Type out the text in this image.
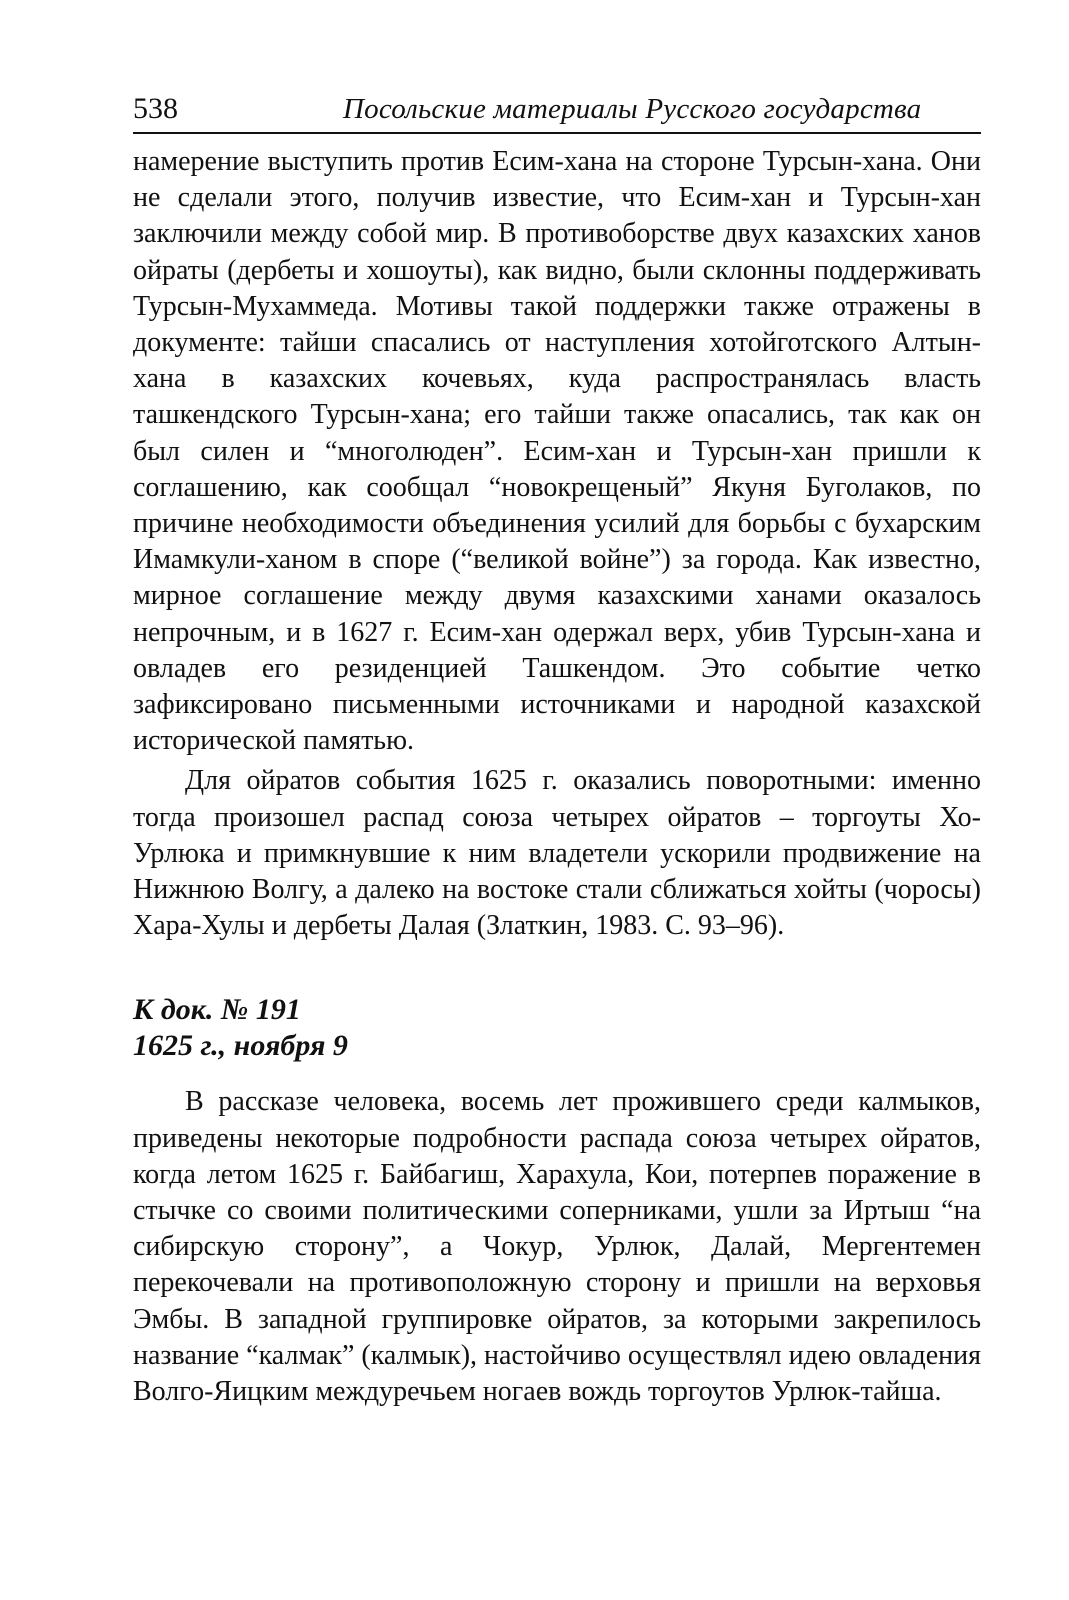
538	Посольские материалы Русского государства

намерение выступить против Есим-хана на стороне Турсын-хана. Они не сделали этого, получив известие, что Есим-хан и Турсын-хан заключили между собой мир. В противоборстве двух казахских ханов ойраты (дербеты и хошоуты), как видно, были склонны поддерживать Турсын-Мухаммеда. Мотивы такой поддержки также отражены в документе: тайши спасались от наступления хотойготского Алтын-хана в казахских кочевьях, куда распространялась власть ташкендского Турсын-хана; его тайши также опасались, так как он был силен и “многолюден”. Есим-хан и Турсын-хан пришли к соглашению, как сообщал “новокрещеный” Якуня Буголаков, по причине необходимости объединения усилий для борьбы с бухарским Имамкули-ханом в споре (“великой войне”) за города. Как известно, мирное соглашение между двумя казахскими ханами оказалось непрочным, и в 1627 г. Есим-хан одержал верх, убив Турсын-хана и овладев его резиденцией Ташкендом. Это событие четко зафиксировано письменными источниками и народной казахской исторической памятью.

Для ойратов события 1625 г. оказались поворотными: именно тогда произошел распад союза четырех ойратов – торгоуты Хо-Урлюка и примкнувшие к ним владетели ускорили продвижение на Нижнюю Волгу, а далеко на востоке стали сближаться хойты (чоросы) Хара-Хулы и дербеты Далая (Златкин, 1983. С. 93–96).

К док. № 191
1625 г., ноября 9

В рассказе человека, восемь лет прожившего среди калмыков, приведены некоторые подробности распада союза четырех ойратов, когда летом 1625 г. Байбагиш, Харахула, Кои, потерпев поражение в стычке со своими политическими соперниками, ушли за Иртыш “на сибирскую сторону”, а Чокур, Урлюк, Далай, Мергентемен перекочевали на противоположную сторону и пришли на верховья Эмбы. В западной группировке ойратов, за которыми закрепилось название “калмак” (калмык), настойчиво осуществлял идею овладения Волго-Яицким междуречьем ногаев вождь торгоутов Урлюк-тайша.
